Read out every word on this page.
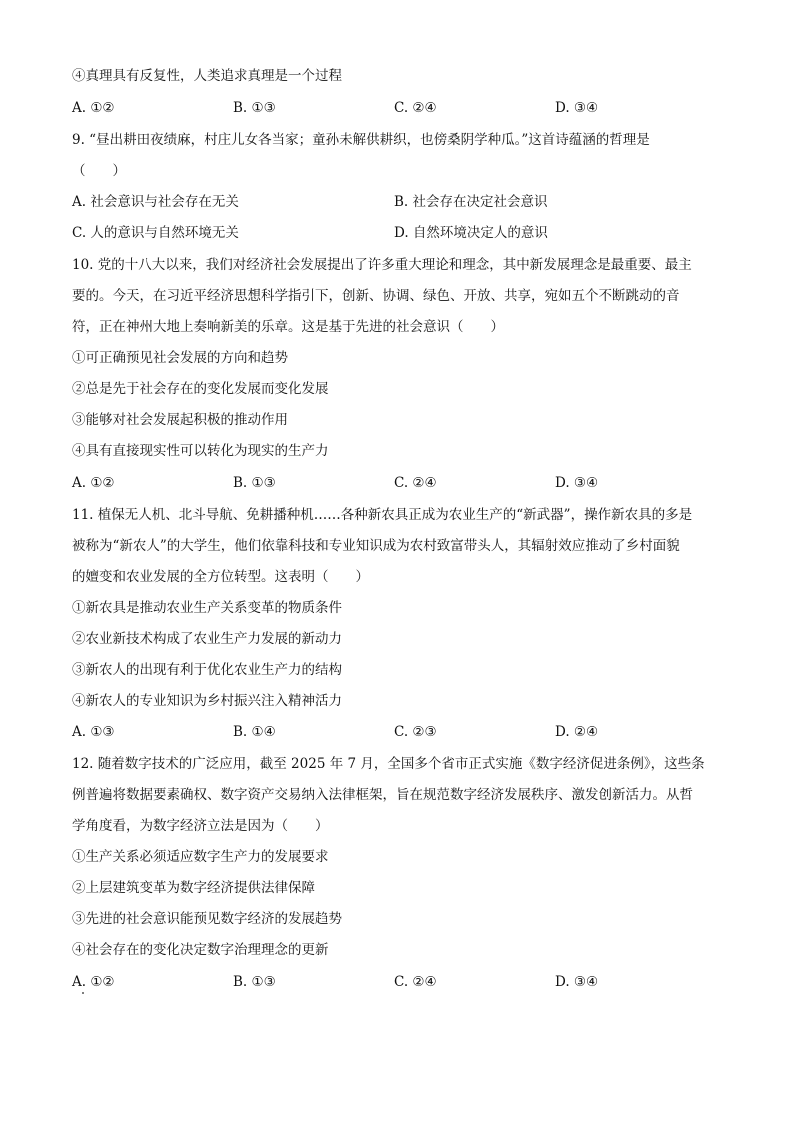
④真理具有反复性，人类追求真理是一个过程
A. ①②	B. ①③	C. ②④	D. ③④
9. “昼出耕田夜绩麻，村庄儿女各当家；童孙未解供耕织，也傍桑阴学种瓜。”这首诗蕴涵的哲理是
（　　）
A. 社会意识与社会存在无关	B. 社会存在决定社会意识
C. 人的意识与自然环境无关	D. 自然环境决定人的意识
10. 党的十八大以来，我们对经济社会发展提出了许多重大理论和理念，其中新发展理念是最重要、最主
要的。今天，在习近平经济思想科学指引下，创新、协调、绿色、开放、共享，宛如五个不断跳动的音
符，正在神州大地上奏响新美的乐章。这是基于先进的社会意识（　　）
①可正确预见社会发展的方向和趋势
②总是先于社会存在的变化发展而变化发展
③能够对社会发展起积极的推动作用
④具有直接现实性可以转化为现实的生产力
A. ①②	B. ①③	C. ②④	D. ③④
11. 植保无人机、北斗导航、免耕播种机……各种新农具正成为农业生产的“新武器”，操作新农具的多是
被称为“新农人”的大学生，他们依靠科技和专业知识成为农村致富带头人，其辐射效应推动了乡村面貌
的嬗变和农业发展的全方位转型。这表明（　　）
①新农具是推动农业生产关系变革的物质条件
②农业新技术构成了农业生产力发展的新动力
③新农人的出现有利于优化农业生产力的结构
④新农人的专业知识为乡村振兴注入精神活力
A. ①③	B. ①④	C. ②③	D. ②④
12. 随着数字技术的广泛应用，截至 2025 年 7 月，全国多个省市正式实施《数字经济促进条例》，这些条
例普遍将数据要素确权、数字资产交易纳入法律框架，旨在规范数字经济发展秩序、激发创新活力。从哲
学角度看，为数字经济立法是因为（　　）
①生产关系必须适应数字生产力的发展要求
②上层建筑变革为数字经济提供法律保障
③先进的社会意识能预见数字经济的发展趋势
④社会存在的变化决定数字治理理念的更新
A. ①②	B. ①③	C. ②④	D. ③④
